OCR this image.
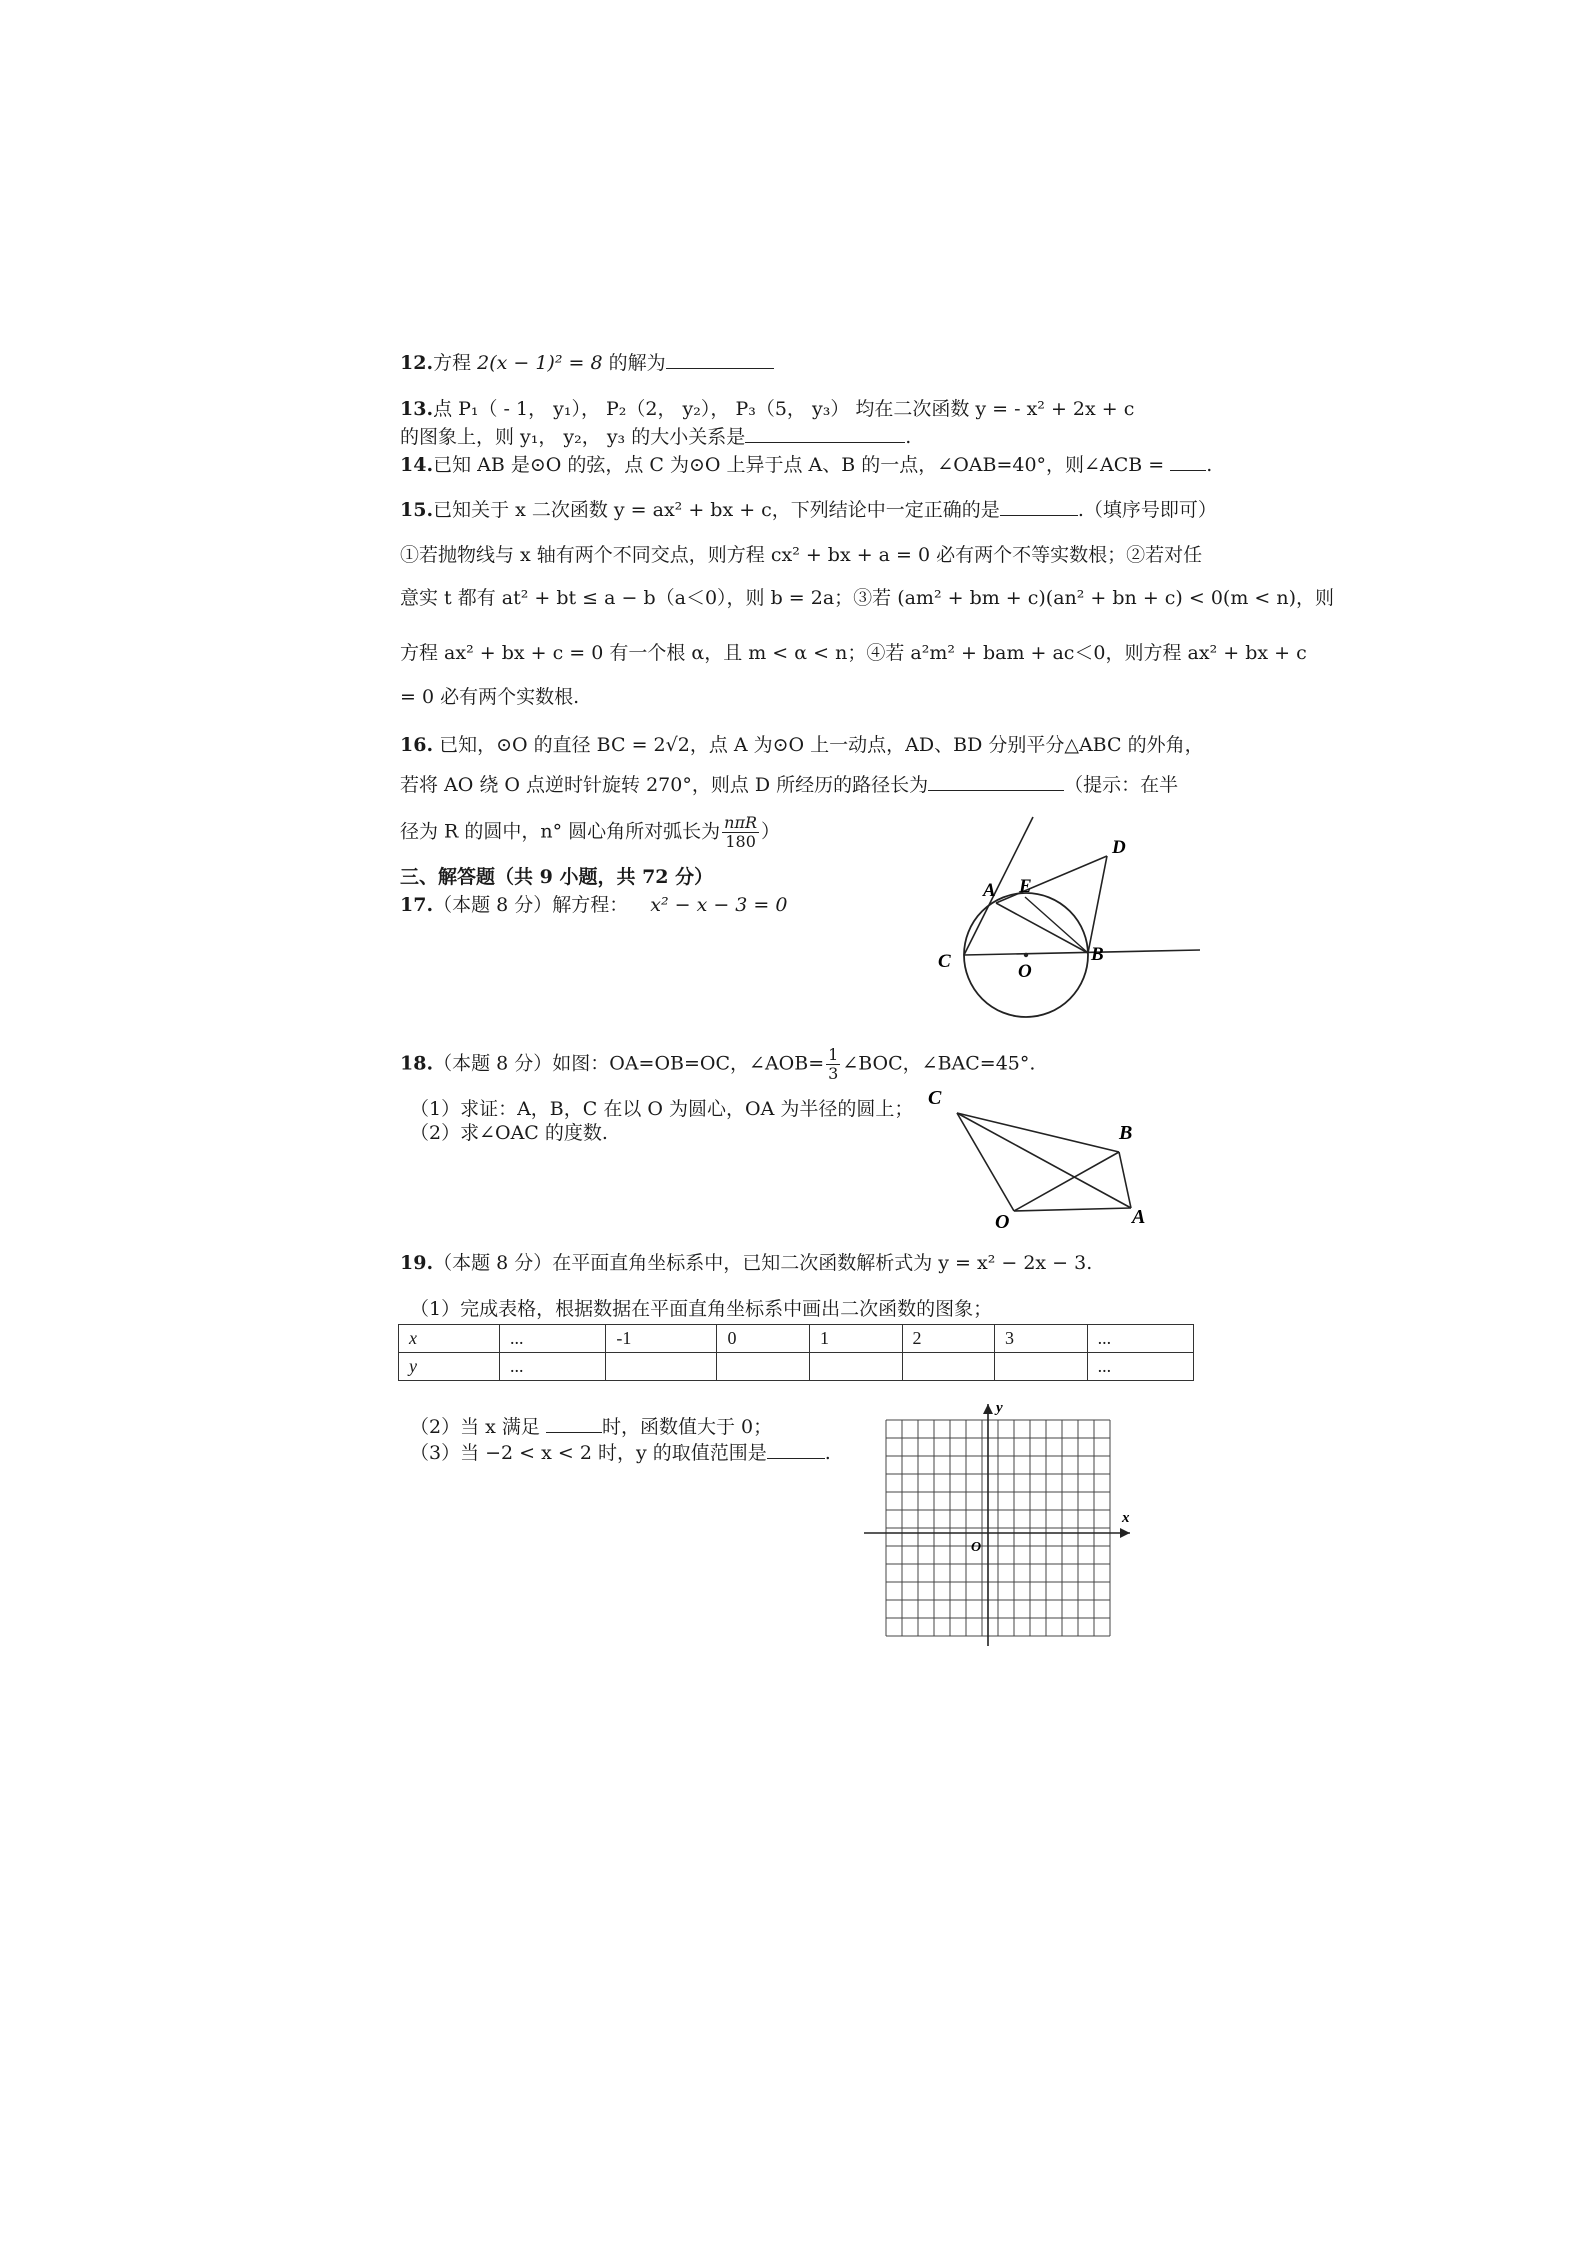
12.方程 2(x − 1)² = 8 的解为
13.点 P₁（ - 1， y₁）， P₂（2， y₂）， P₃（5， y₃） 均在二次函数 y = - x² + 2x + c
的图象上，则 y₁， y₂， y₃ 的大小关系是	.
14.已知 AB 是⊙O 的弦，点 C 为⊙O 上异于点 A、B 的一点，∠OAB=40°，则∠ACB = .
15.已知关于 x 二次函数 y = ax² + bx + c，下列结论中一定正确的是	.（填序号即可）
①若抛物线与 x 轴有两个不同交点，则方程 cx² + bx + a = 0 必有两个不等实数根；②若对任
意实 t 都有 at² + bt ≤ a − b（a＜0），则 b = 2a；③若 (am² + bm + c)(an² + bn + c) < 0(m < n)，则
方程 ax² + bx + c = 0 有一个根 α，且 m < α < n；④若 a²m² + bam + ac＜0，则方程 ax² + bx + c
= 0 必有两个实数根.
16. 已知，⊙O 的直径 BC = 2√2，点 A 为⊙O 上一动点，AD、BD 分别平分△ABC 的外角，
若将 AO 绕 O 点逆时针旋转 270°，则点 D 所经历的路径长为	（提示：在半
径为 R 的圆中，n° 圆心角所对弧长为 $\frac{\text{nπR}}{180}$ ）
三、解答题（共 9 小题，共 72 分）
17.（本题 8 分）解方程： x² − x − 3 = 0
A E
D
C	O
B
18.（本题 8 分）如图：OA=OB=OC，∠AOB= $\frac{1}{3}$ ∠BOC，∠BAC=45°.
（1）求证：A，B，C 在以 O 为圆心，OA 为半径的圆上；
（2）求∠OAC 的度数.
C
B
O	A
19.（本题 8 分）在平面直角坐标系中，已知二次函数解析式为 y = x² − 2x − 3.
（1）完成表格，根据数据在平面直角坐标系中画出二次函数的图象；
x	...	-1	0	1	2	3	...
y	...						...
（2）当 x 满足	时，函数值大于 0；
（3）当 −2 < x < 2 时，y 的取值范围是	.
x
y
O
